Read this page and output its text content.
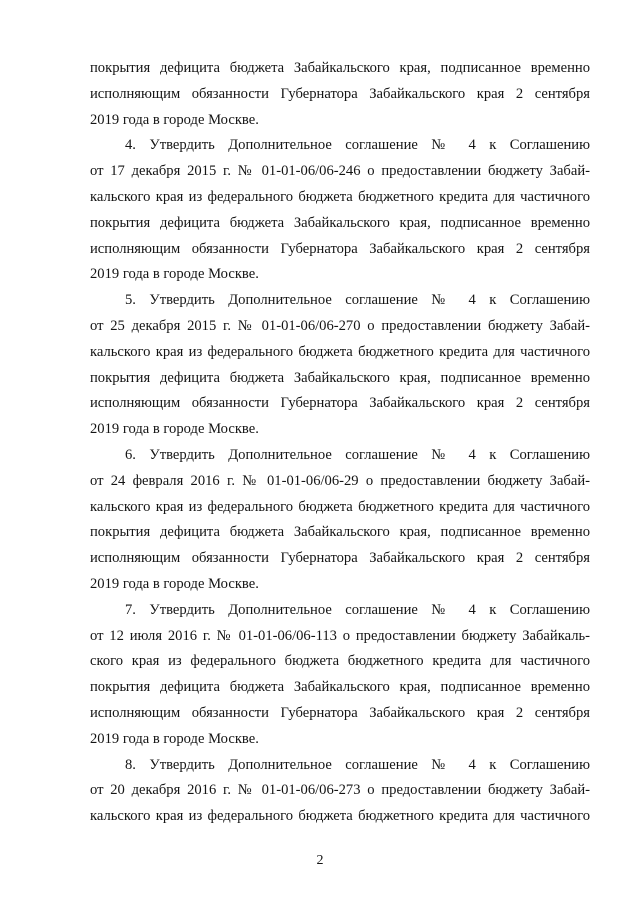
покрытия дефицита бюджета Забайкальского края, подписанное временно
исполняющим обязанности Губернатора Забайкальского края 2 сентября
2019 года в городе Москве.
4. Утвердить Дополнительное соглашение № 4 к Соглашению
от 17 декабря 2015 г. № 01-01-06/06-246 о предоставлении бюджету Забай-
кальского края из федерального бюджета бюджетного кредита для частичного
покрытия дефицита бюджета Забайкальского края, подписанное временно
исполняющим обязанности Губернатора Забайкальского края 2 сентября
2019 года в городе Москве.
5. Утвердить Дополнительное соглашение № 4 к Соглашению
от 25 декабря 2015 г. № 01-01-06/06-270 о предоставлении бюджету Забай-
кальского края из федерального бюджета бюджетного кредита для частичного
покрытия дефицита бюджета Забайкальского края, подписанное временно
исполняющим обязанности Губернатора Забайкальского края 2 сентября
2019 года в городе Москве.
6. Утвердить Дополнительное соглашение № 4 к Соглашению
от 24 февраля 2016 г. № 01-01-06/06-29 о предоставлении бюджету Забай-
кальского края из федерального бюджета бюджетного кредита для частичного
покрытия дефицита бюджета Забайкальского края, подписанное временно
исполняющим обязанности Губернатора Забайкальского края 2 сентября
2019 года в городе Москве.
7. Утвердить Дополнительное соглашение № 4 к Соглашению
от 12 июля 2016 г. № 01-01-06/06-113 о предоставлении бюджету Забайкаль-
ского края из федерального бюджета бюджетного кредита для частичного
покрытия дефицита бюджета Забайкальского края, подписанное временно
исполняющим обязанности Губернатора Забайкальского края 2 сентября
2019 года в городе Москве.
8. Утвердить Дополнительное соглашение № 4 к Соглашению
от 20 декабря 2016 г. № 01-01-06/06-273 о предоставлении бюджету Забай-
кальского края из федерального бюджета бюджетного кредита для частичного
2
